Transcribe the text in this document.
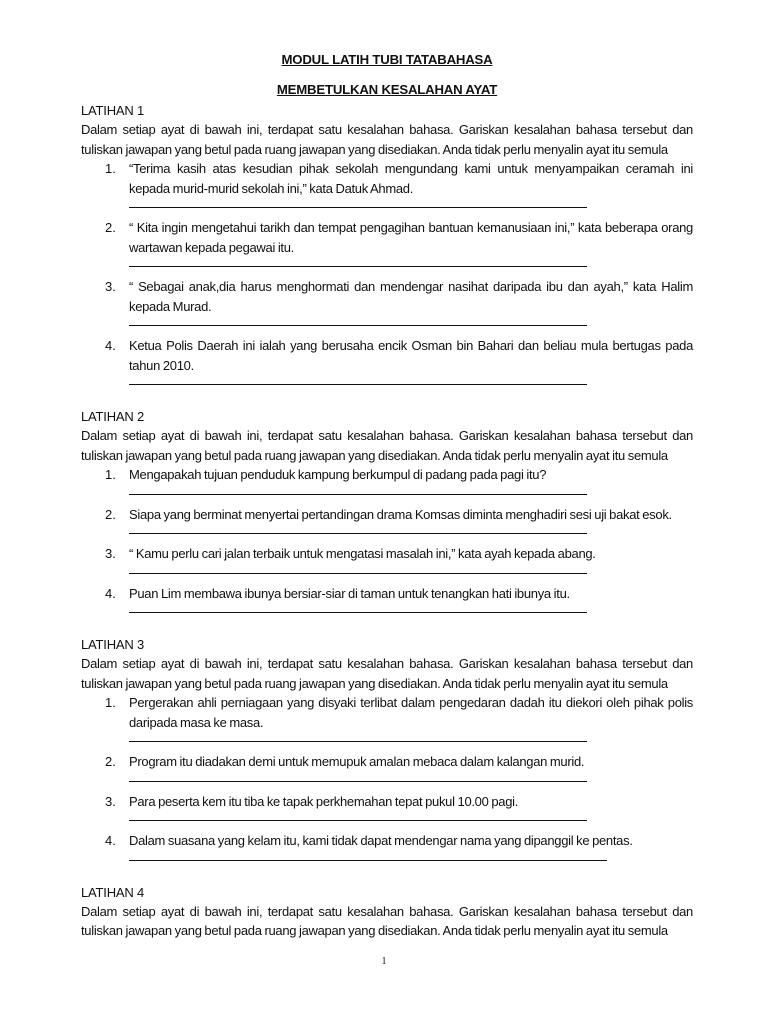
MODUL LATIH TUBI TATABAHASA
MEMBETULKAN KESALAHAN AYAT
LATIHAN 1
Dalam setiap ayat di bawah ini, terdapat satu kesalahan bahasa. Gariskan kesalahan bahasa tersebut dan tuliskan jawapan yang betul pada ruang jawapan yang disediakan. Anda tidak perlu menyalin ayat itu semula
1. “Terima kasih atas kesudian pihak sekolah mengundang kami untuk menyampaikan ceramah ini kepada murid-murid sekolah ini,” kata Datuk Ahmad.
2. “ Kita ingin mengetahui tarikh dan tempat pengagihan bantuan kemanusiaan ini,” kata beberapa orang wartawan kepada pegawai itu.
3. “ Sebagai anak,dia harus menghormati dan mendengar nasihat daripada ibu dan ayah,” kata Halim kepada Murad.
4. Ketua Polis Daerah ini ialah yang berusaha encik Osman bin Bahari dan beliau mula bertugas pada tahun 2010.
LATIHAN 2
Dalam setiap ayat di bawah ini, terdapat satu kesalahan bahasa. Gariskan kesalahan bahasa tersebut dan tuliskan jawapan yang betul pada ruang jawapan yang disediakan. Anda tidak perlu menyalin ayat itu semula
1. Mengapakah tujuan penduduk kampung berkumpul di padang pada pagi itu?
2. Siapa yang berminat menyertai pertandingan drama Komsas diminta menghadiri sesi uji bakat esok.
3. “ Kamu perlu cari jalan terbaik untuk mengatasi masalah ini,” kata ayah kepada abang.
4. Puan Lim membawa ibunya bersiar-siar di taman untuk tenangkan hati ibunya itu.
LATIHAN 3
Dalam setiap ayat di bawah ini, terdapat satu kesalahan bahasa. Gariskan kesalahan bahasa tersebut dan tuliskan jawapan yang betul pada ruang jawapan yang disediakan. Anda tidak perlu menyalin ayat itu semula
1. Pergerakan ahli perniagaan yang disyaki terlibat dalam pengedaran dadah itu diekori oleh pihak polis daripada masa ke masa.
2. Program itu diadakan demi untuk memupuk amalan mebaca dalam kalangan murid.
3. Para peserta kem itu tiba ke tapak perkhemahan tepat pukul 10.00 pagi.
4. Dalam suasana yang kelam itu, kami tidak dapat mendengar nama yang dipanggil ke pentas.
LATIHAN 4
Dalam setiap ayat di bawah ini, terdapat satu kesalahan bahasa. Gariskan kesalahan bahasa tersebut dan tuliskan jawapan yang betul pada ruang jawapan yang disediakan. Anda tidak perlu menyalin ayat itu semula
1
